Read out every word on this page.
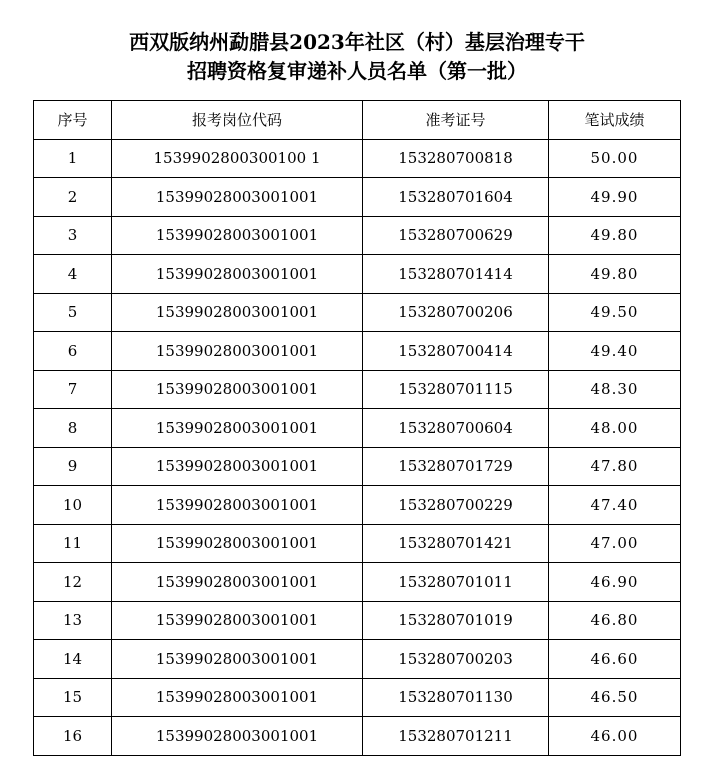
西双版纳州勐腊县2023年社区（村）基层治理专干
招聘资格复审递补人员名单（第一批）
序号	报考岗位代码	准考证号	笔试成绩
1	1539902800300100 1	153280700818	50.00
2	15399028003001001	153280701604	49.90
3	15399028003001001	153280700629	49.80
4	15399028003001001	153280701414	49.80
5	15399028003001001	153280700206	49.50
6	15399028003001001	153280700414	49.40
7	15399028003001001	153280701115	48.30
8	15399028003001001	153280700604	48.00
9	15399028003001001	153280701729	47.80
10	15399028003001001	153280700229	47.40
11	15399028003001001	153280701421	47.00
12	15399028003001001	153280701011	46.90
13	15399028003001001	153280701019	46.80
14	15399028003001001	153280700203	46.60
15	15399028003001001	153280701130	46.50
16	15399028003001001	153280701211	46.00
